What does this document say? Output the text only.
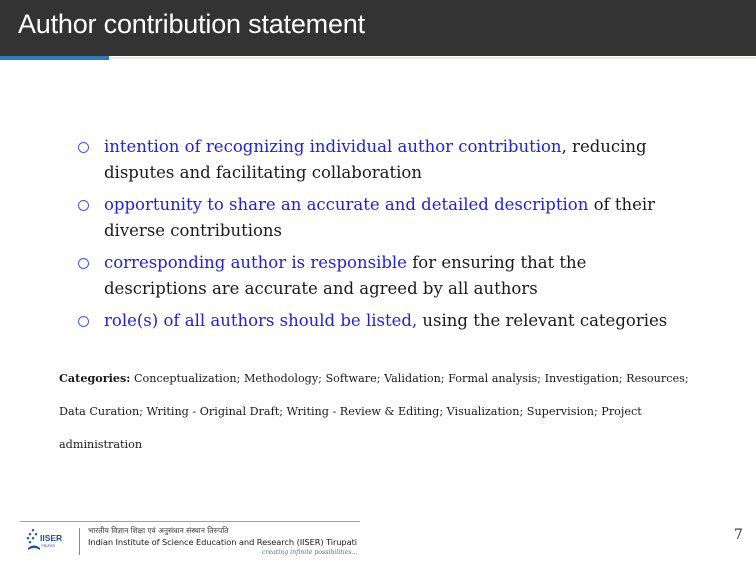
Author contribution statement
intention of recognizing individual author contribution, reducing disputes and facilitating collaboration
opportunity to share an accurate and detailed description of their diverse contributions
corresponding author is responsible for ensuring that the descriptions are accurate and agreed by all authors
role(s) of all authors should be listed, using the relevant categories
Categories: Conceptualization; Methodology; Software; Validation; Formal analysis; Investigation; Resources; Data Curation; Writing - Original Draft; Writing - Review & Editing; Visualization; Supervision; Project administration
IISER
TIRUPATI
भारतीय विज्ञान शिक्षा एवं अनुसंधान संस्थान तिरुपति
Indian Institute of Science Education and Research (IISER) Tirupati
creating infinite possibilities...
7
